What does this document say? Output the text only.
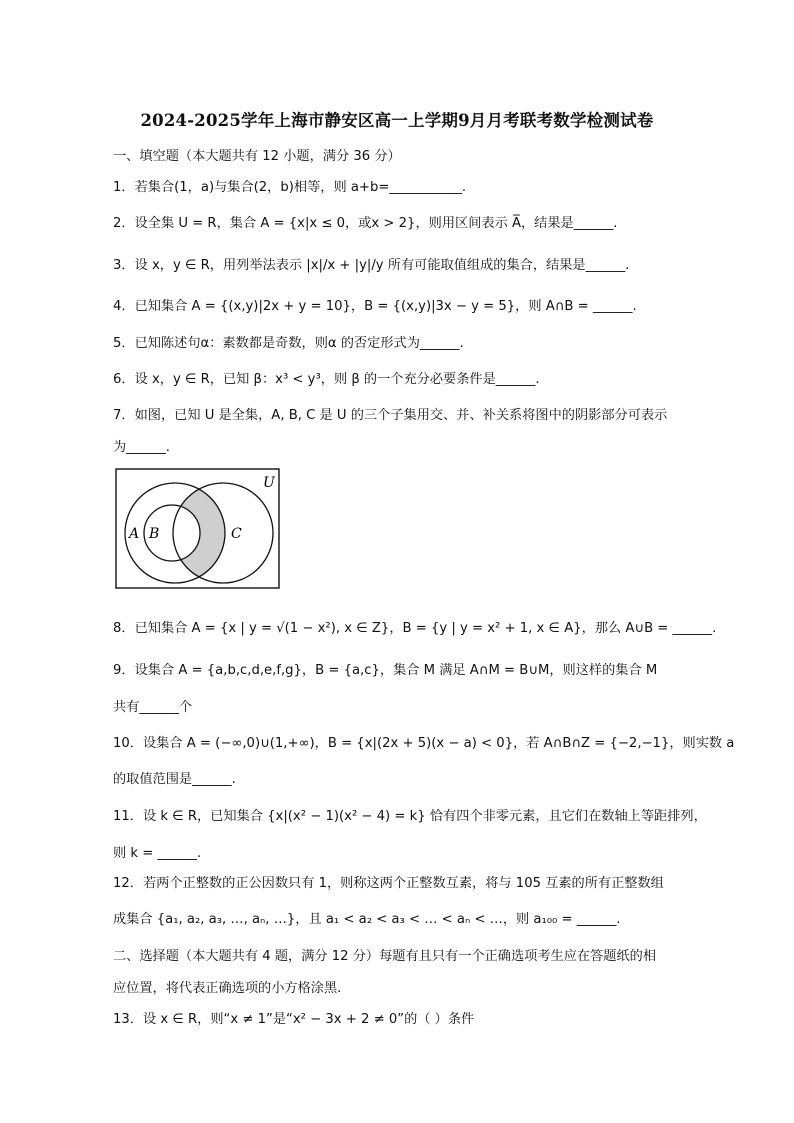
2024-2025学年上海市静安区高一上学期9月月考联考数学检测试卷
一、填空题（本大题共有 12 小题，满分 36 分）
1．若集合(1，a)与集合(2，b)相等，则 a+b=___________.
2．设全集 U = R，集合 A = {x|x ≤ 0，或x > 2}，则用区间表示 A̅，结果是______.
3．设 x，y ∈ R，用列举法表示 |x|/x + |y|/y 所有可能取值组成的集合，结果是______.
4．已知集合 A = {(x,y)|2x + y = 10}，B = {(x,y)|3x − y = 5}，则 A∩B = ______.
5．已知陈述句α：素数都是奇数，则α 的否定形式为______.
6．设 x，y ∈ R，已知 β：x³ < y³，则 β 的一个充分必要条件是______.
7．如图，已知 U 是全集，A, B, C 是 U 的三个子集用交、并、补关系将图中的阴影部分可表示
为______.
U
A B	C
8．已知集合 A = {x | y = √(1 − x²), x ∈ Z}，B = {y | y = x² + 1, x ∈ A}，那么 A∪B = ______.
9．设集合 A = {a,b,c,d,e,f,g}，B = {a,c}，集合 M 满足 A∩M = B∪M，则这样的集合 M
共有______个
10．设集合 A = (−∞,0)∪(1,+∞)，B = {x|(2x + 5)(x − a) < 0}，若 A∩B∩Z = {−2,−1}，则实数 a
的取值范围是______.
11．设 k ∈ R，已知集合 {x|(x² − 1)(x² − 4) = k} 恰有四个非零元素，且它们在数轴上等距排列，
则 k = ______.
12．若两个正整数的正公因数只有 1，则称这两个正整数互素，将与 105 互素的所有正整数组
成集合 {a₁, a₂, a₃, …, aₙ, …}，且 a₁ < a₂ < a₃ < … < aₙ < …，则 a₁₀₀ = ______.
二、选择题（本大题共有 4 题，满分 12 分）每题有且只有一个正确选项考生应在答题纸的相
应位置，将代表正确选项的小方格涂黑.
13．设 x ∈ R，则“x ≠ 1”是“x² − 3x + 2 ≠ 0”的（ ）条件
